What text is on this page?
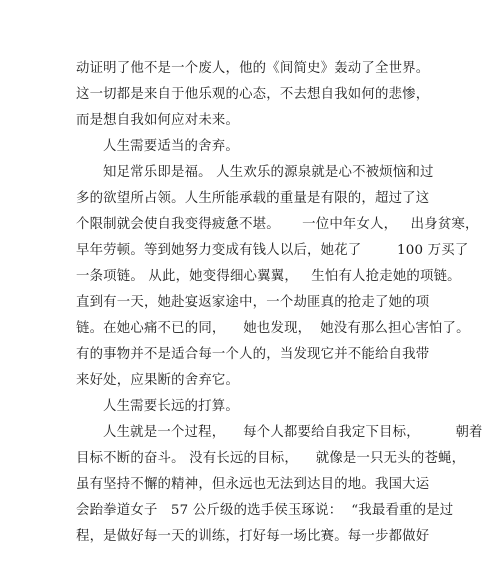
动证明了他不是一个废人，他的《间简史》轰动了全世界。
这一切都是来自于他乐观的心态，不去想自我如何的悲惨，
而是想自我如何应对未来。
人生需要适当的舍弃。
知足常乐即是福。 人生欢乐的源泉就是心不被烦恼和过
多的欲望所占领。人生所能承载的重量是有限的，超过了这
个限制就会使自我变得疲惫不堪。     一位中年女人，   出身贫寒，
早年劳顿。等到她努力变成有钱人以后，她花了        100 万买了
一条项链。 从此，她变得细心翼翼，   生怕有人抢走她的项链。
直到有一天，她赴宴返家途中，一个劫匪真的抢走了她的项
链。在她心痛不已的同，    她也发现，  她没有那么担心害怕了。
有的事物并不是适合每一个人的，当发现它并不能给自我带
来好处，应果断的舍弃它。
人生需要长远的打算。
人生就是一个过程，    每个人都要给自我定下目标，        朝着
目标不断的奋斗。 没有长远的目标，    就像是一只无头的苍蝇，
虽有坚持不懈的精神，但永远也无法到达目的地。我国大运
会跆拳道女子   57 公斤级的选手侯玉琢说：  “我最看重的是过
程，是做好每一天的训练，打好每一场比赛。每一步都做好
